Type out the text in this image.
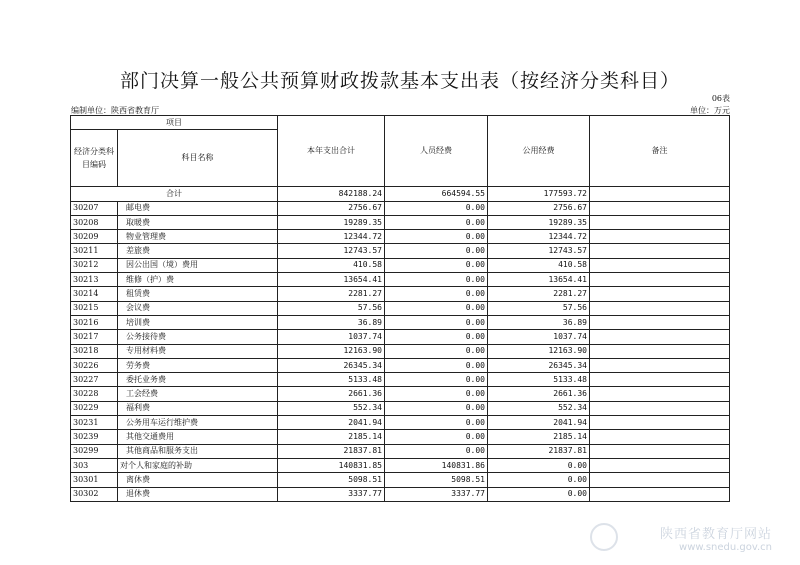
部门决算一般公共预算财政拨款基本支出表（按经济分类科目）
06表
编制单位：陕西省教育厅	单位：万元
项目		本年支出合计	人员经费	公用经费	备注
经济分类科目编码	科目名称				
合计		842188.24	664594.55	177593.72	
30207	邮电费	2756.67	0.00	2756.67	
30208	取暖费	19289.35	0.00	19289.35	
30209	物业管理费	12344.72	0.00	12344.72	
30211	差旅费	12743.57	0.00	12743.57	
30212	因公出国（境）费用	410.58	0.00	410.58	
30213	维修（护）费	13654.41	0.00	13654.41	
30214	租赁费	2281.27	0.00	2281.27	
30215	会议费	57.56	0.00	57.56	
30216	培训费	36.89	0.00	36.89	
30217	公务接待费	1037.74	0.00	1037.74	
30218	专用材料费	12163.90	0.00	12163.90	
30226	劳务费	26345.34	0.00	26345.34	
30227	委托业务费	5133.48	0.00	5133.48	
30228	工会经费	2661.36	0.00	2661.36	
30229	福利费	552.34	0.00	552.34	
30231	公务用车运行维护费	2041.94	0.00	2041.94	
30239	其他交通费用	2185.14	0.00	2185.14	
30299	其他商品和服务支出	21837.81	0.00	21837.81	
303	对个人和家庭的补助	140831.85	140831.86	0.00	
30301	离休费	5098.51	5098.51	0.00	
30302	退休费	3337.77	3337.77	0.00	
陕西省教育厅网站
www.snedu.gov.cn
